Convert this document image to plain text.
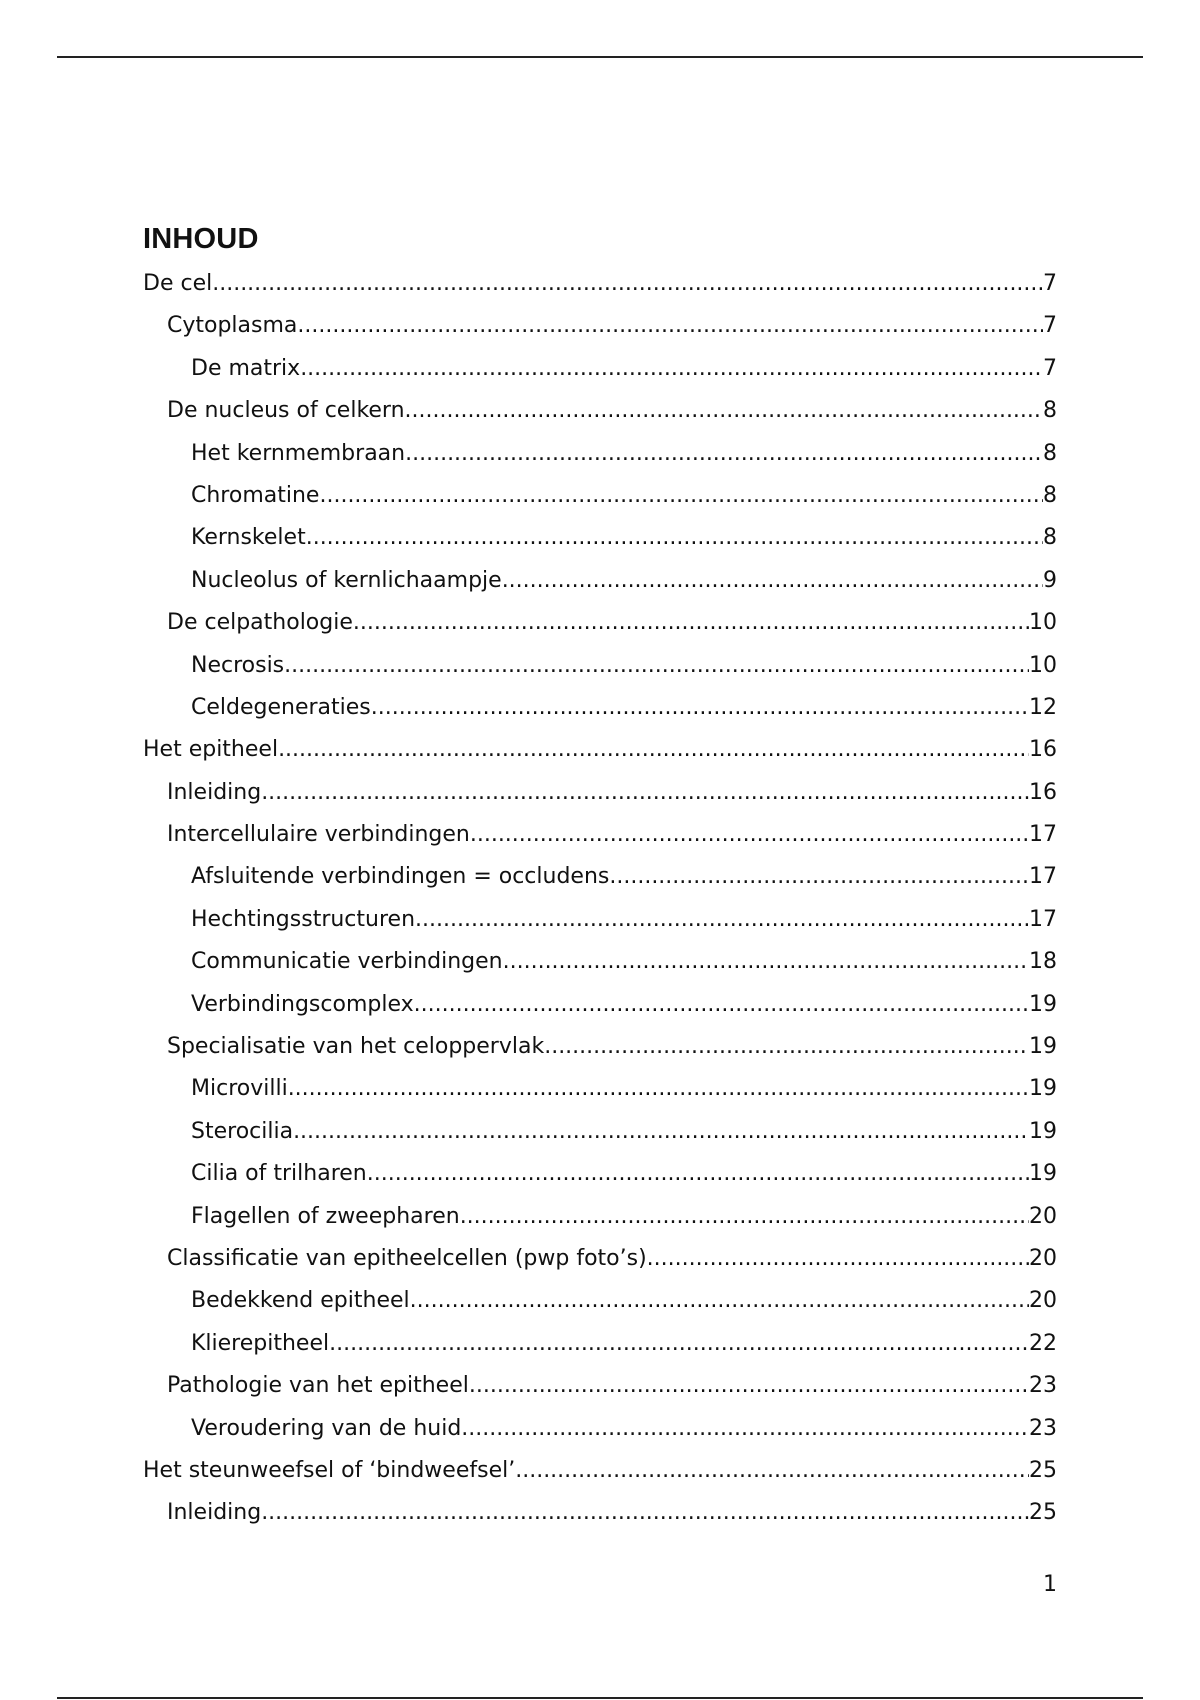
INHOUD
De cel .....	7
Cytoplasma .....	7
De matrix .....	7
De nucleus of celkern .....	8
Het kernmembraan .....	8
Chromatine .....	8
Kernskelet .....	8
Nucleolus of kernlichaampje .....	9
De celpathologie .....	10
Necrosis .....	10
Celdegeneraties .....	12
Het epitheel .....	16
Inleiding .....	16
Intercellulaire verbindingen .....	17
Afsluitende verbindingen = occludens .....	17
Hechtingsstructuren .....	17
Communicatie verbindingen .....	18
Verbindingscomplex .....	19
Specialisatie van het celoppervlak .....	19
Microvilli .....	19
Sterocilia .....	19
Cilia of trilharen .....	19
Flagellen of zweepharen .....	20
Classificatie van epitheelcellen (pwp foto’s) .....	20
Bedekkend epitheel .....	20
Klierepitheel .....	22
Pathologie van het epitheel .....	23
Veroudering van de huid .....	23
Het steunweefsel of ‘bindweefsel’ .....	25
Inleiding .....	25
1
